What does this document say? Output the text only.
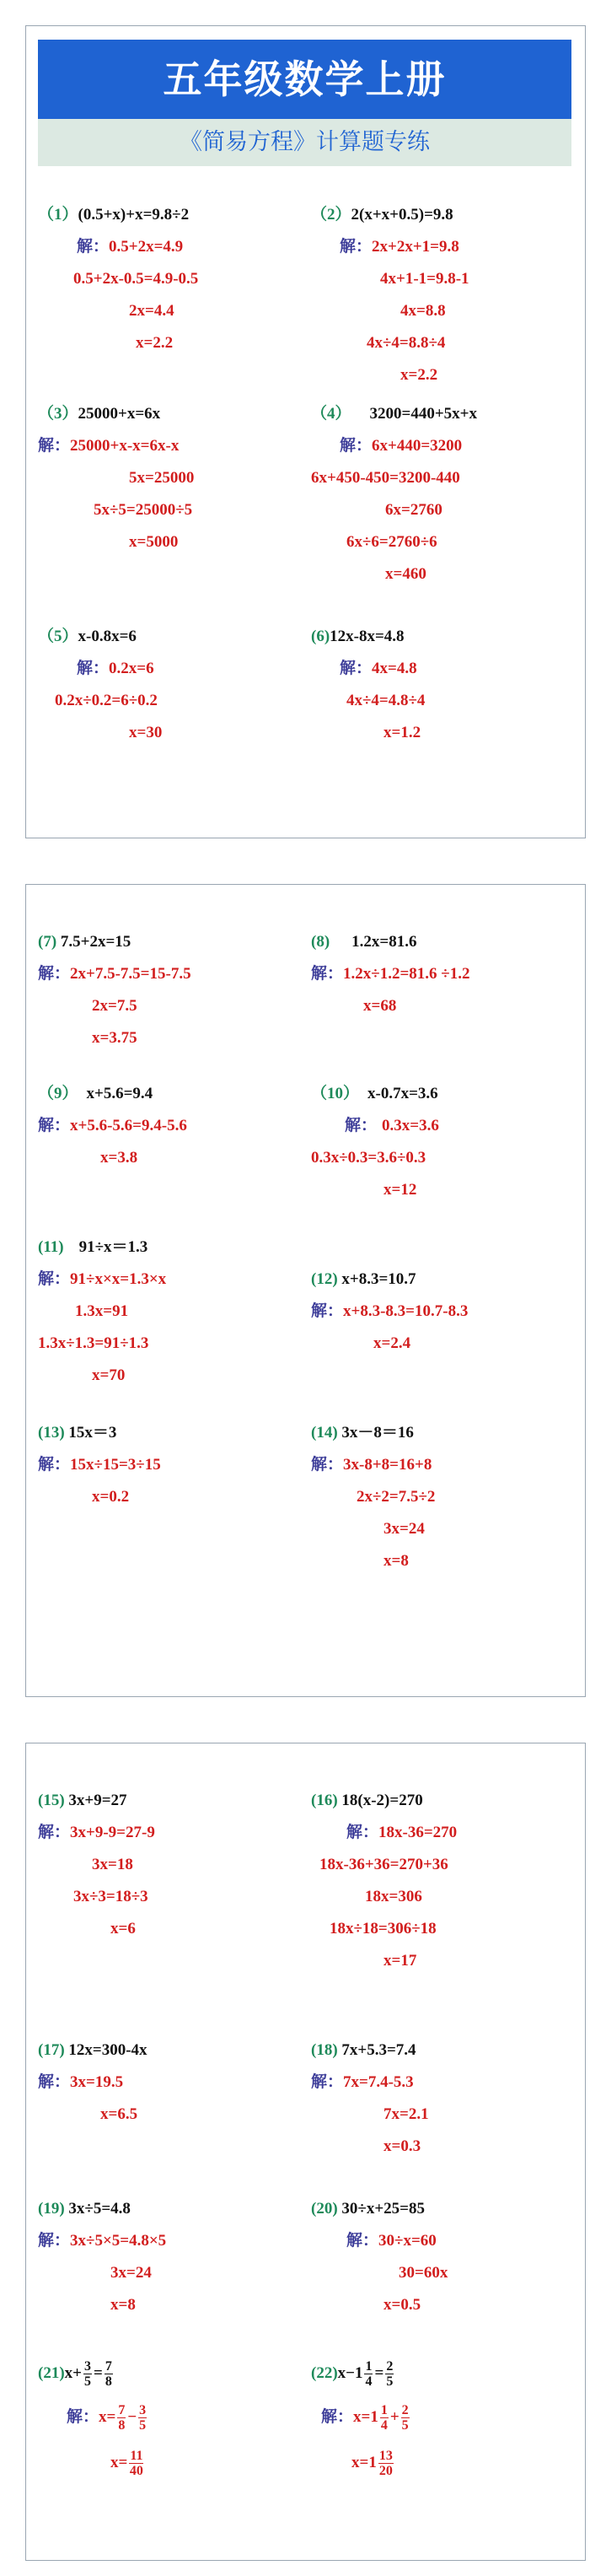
五年级数学上册
《简易方程》计算题专练
（1）(0.5+x)+x=9.8÷2
解：0.5+2x=4.9
0.5+2x-0.5=4.9-0.5
2x=4.4
x=2.2
（2）2(x+x+0.5)=9.8
解：2x+2x+1=9.8
4x+1-1=9.8-1
4x=8.8
4x÷4=8.8÷4
x=2.2
（3）25000+x=6x
解：25000+x-x=6x-x
5x=25000
5x÷5=25000÷5
x=5000
（4） 3200=440+5x+x
解：6x+440=3200
6x+450-450=3200-440
6x=2760
6x÷6=2760÷6
x=460
（5）x-0.8x=6
解：0.2x=6
0.2x÷0.2=6÷0.2
x=30
(6)12x-8x=4.8
解：4x=4.8
4x÷4=4.8÷4
x=1.2
(7) 7.5+2x=15
解：2x+7.5-7.5=15-7.5
2x=7.5
x=3.75
(8) 1.2x=81.6
解：1.2x÷1.2=81.6 ÷1.2
x=68
（9） x+5.6=9.4
解：x+5.6-5.6=9.4-5.6
x=3.8
（10） x-0.7x=3.6
解： 0.3x=3.6
0.3x÷0.3=3.6÷0.3
x=12
(11) 91÷x＝1.3
解：91÷x×x=1.3×x
1.3x=91
1.3x÷1.3=91÷1.3
x=70
(12) x+8.3=10.7
解：x+8.3-8.3=10.7-8.3
x=2.4
(13) 15x＝3
解：15x÷15=3÷15
x=0.2
(14) 3x－8＝16
解：3x-8+8=16+8
2x÷2=7.5÷2
3x=24
x=8
(15) 3x+9=27
解：3x+9-9=27-9
3x=18
3x÷3=18÷3
x=6
(16) 18(x-2)=270
解：18x-36=270
18x-36+36=270+36
18x=306
18x÷18=306÷18
x=17
(17) 12x=300-4x
解：3x=19.5
x=6.5
(18) 7x+5.3=7.4
解：7x=7.4-5.3
7x=2.1
x=0.3
(19) 3x÷5=4.8
解：3x÷5×5=4.8×5
3x=24
x=8
(20) 30÷x+25=85
解：30÷x=60
30=60x
x=0.5
$(21)x+ \frac{3}{5} = \frac{7}{8}$
解：$x= \frac{7}{8} - \frac{3}{5}$
$x= \frac{11}{40}$
$(22)x-1 \frac{1}{4} = \frac{2}{5}$
解：$x=1 \frac{1}{4} + \frac{2}{5}$
$x=1 \frac{13}{20}$
